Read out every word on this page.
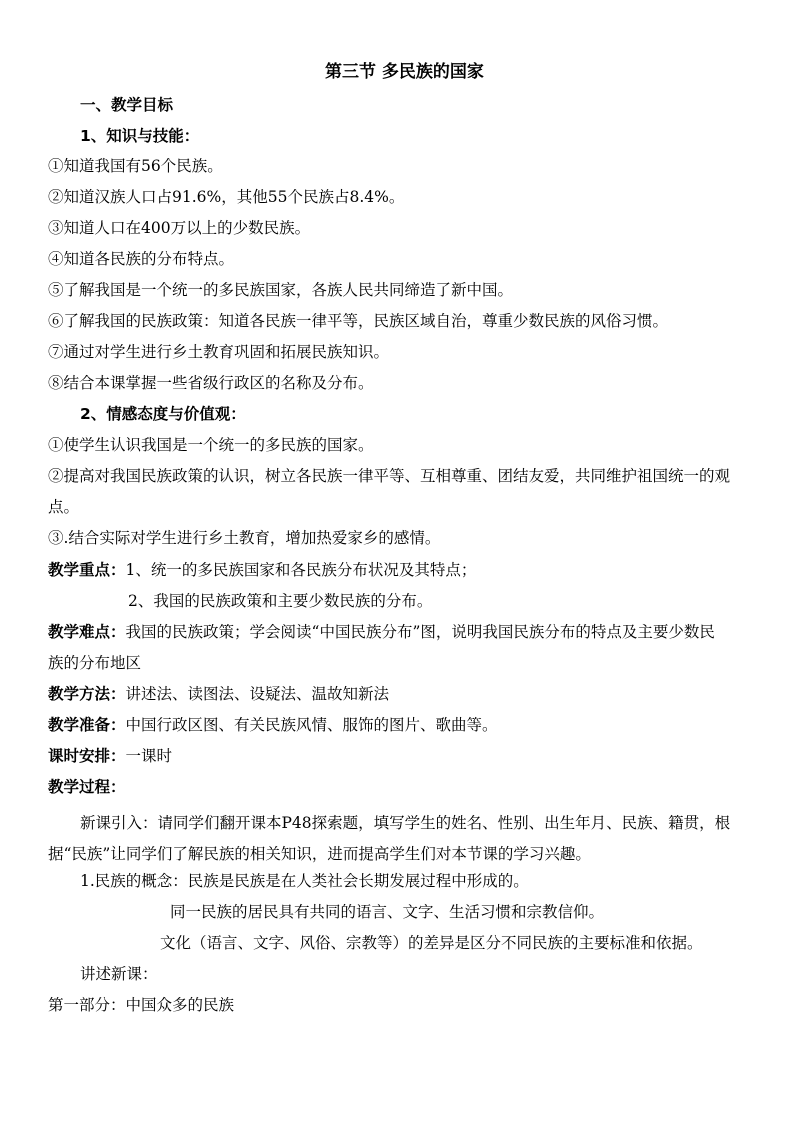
第三节 多民族的国家
一、教学目标
1、知识与技能：
①知道我国有56个民族。
②知道汉族人口占91.6%，其他55个民族占8.4%。
③知道人口在400万以上的少数民族。
④知道各民族的分布特点。
⑤了解我国是一个统一的多民族国家，各族人民共同缔造了新中国。
⑥了解我国的民族政策：知道各民族一律平等，民族区域自治，尊重少数民族的风俗习惯。
⑦通过对学生进行乡土教育巩固和拓展民族知识。
⑧结合本课掌握一些省级行政区的名称及分布。
2、情感态度与价值观：
①使学生认识我国是一个统一的多民族的国家。
②提高对我国民族政策的认识，树立各民族一律平等、互相尊重、团结友爱，共同维护祖国统一的观
点。
③.结合实际对学生进行乡土教育，增加热爱家乡的感情。
教学重点：1、统一的多民族国家和各民族分布状况及其特点；
2、我国的民族政策和主要少数民族的分布。
教学难点：我国的民族政策；学会阅读“中国民族分布”图，说明我国民族分布的特点及主要少数民
族的分布地区
教学方法：讲述法、读图法、设疑法、温故知新法
教学准备：中国行政区图、有关民族风情、服饰的图片、歌曲等。
课时安排：一课时
教学过程：
新课引入：请同学们翻开课本P48探索题，填写学生的姓名、性别、出生年月、民族、籍贯，根
据“民族”让同学们了解民族的相关知识，进而提高学生们对本节课的学习兴趣。
1.民族的概念：民族是民族是在人类社会长期发展过程中形成的。
同一民族的居民具有共同的语言、文字、生活习惯和宗教信仰。
文化（语言、文字、风俗、宗教等）的差异是区分不同民族的主要标准和依据。
讲述新课：
第一部分：中国众多的民族
